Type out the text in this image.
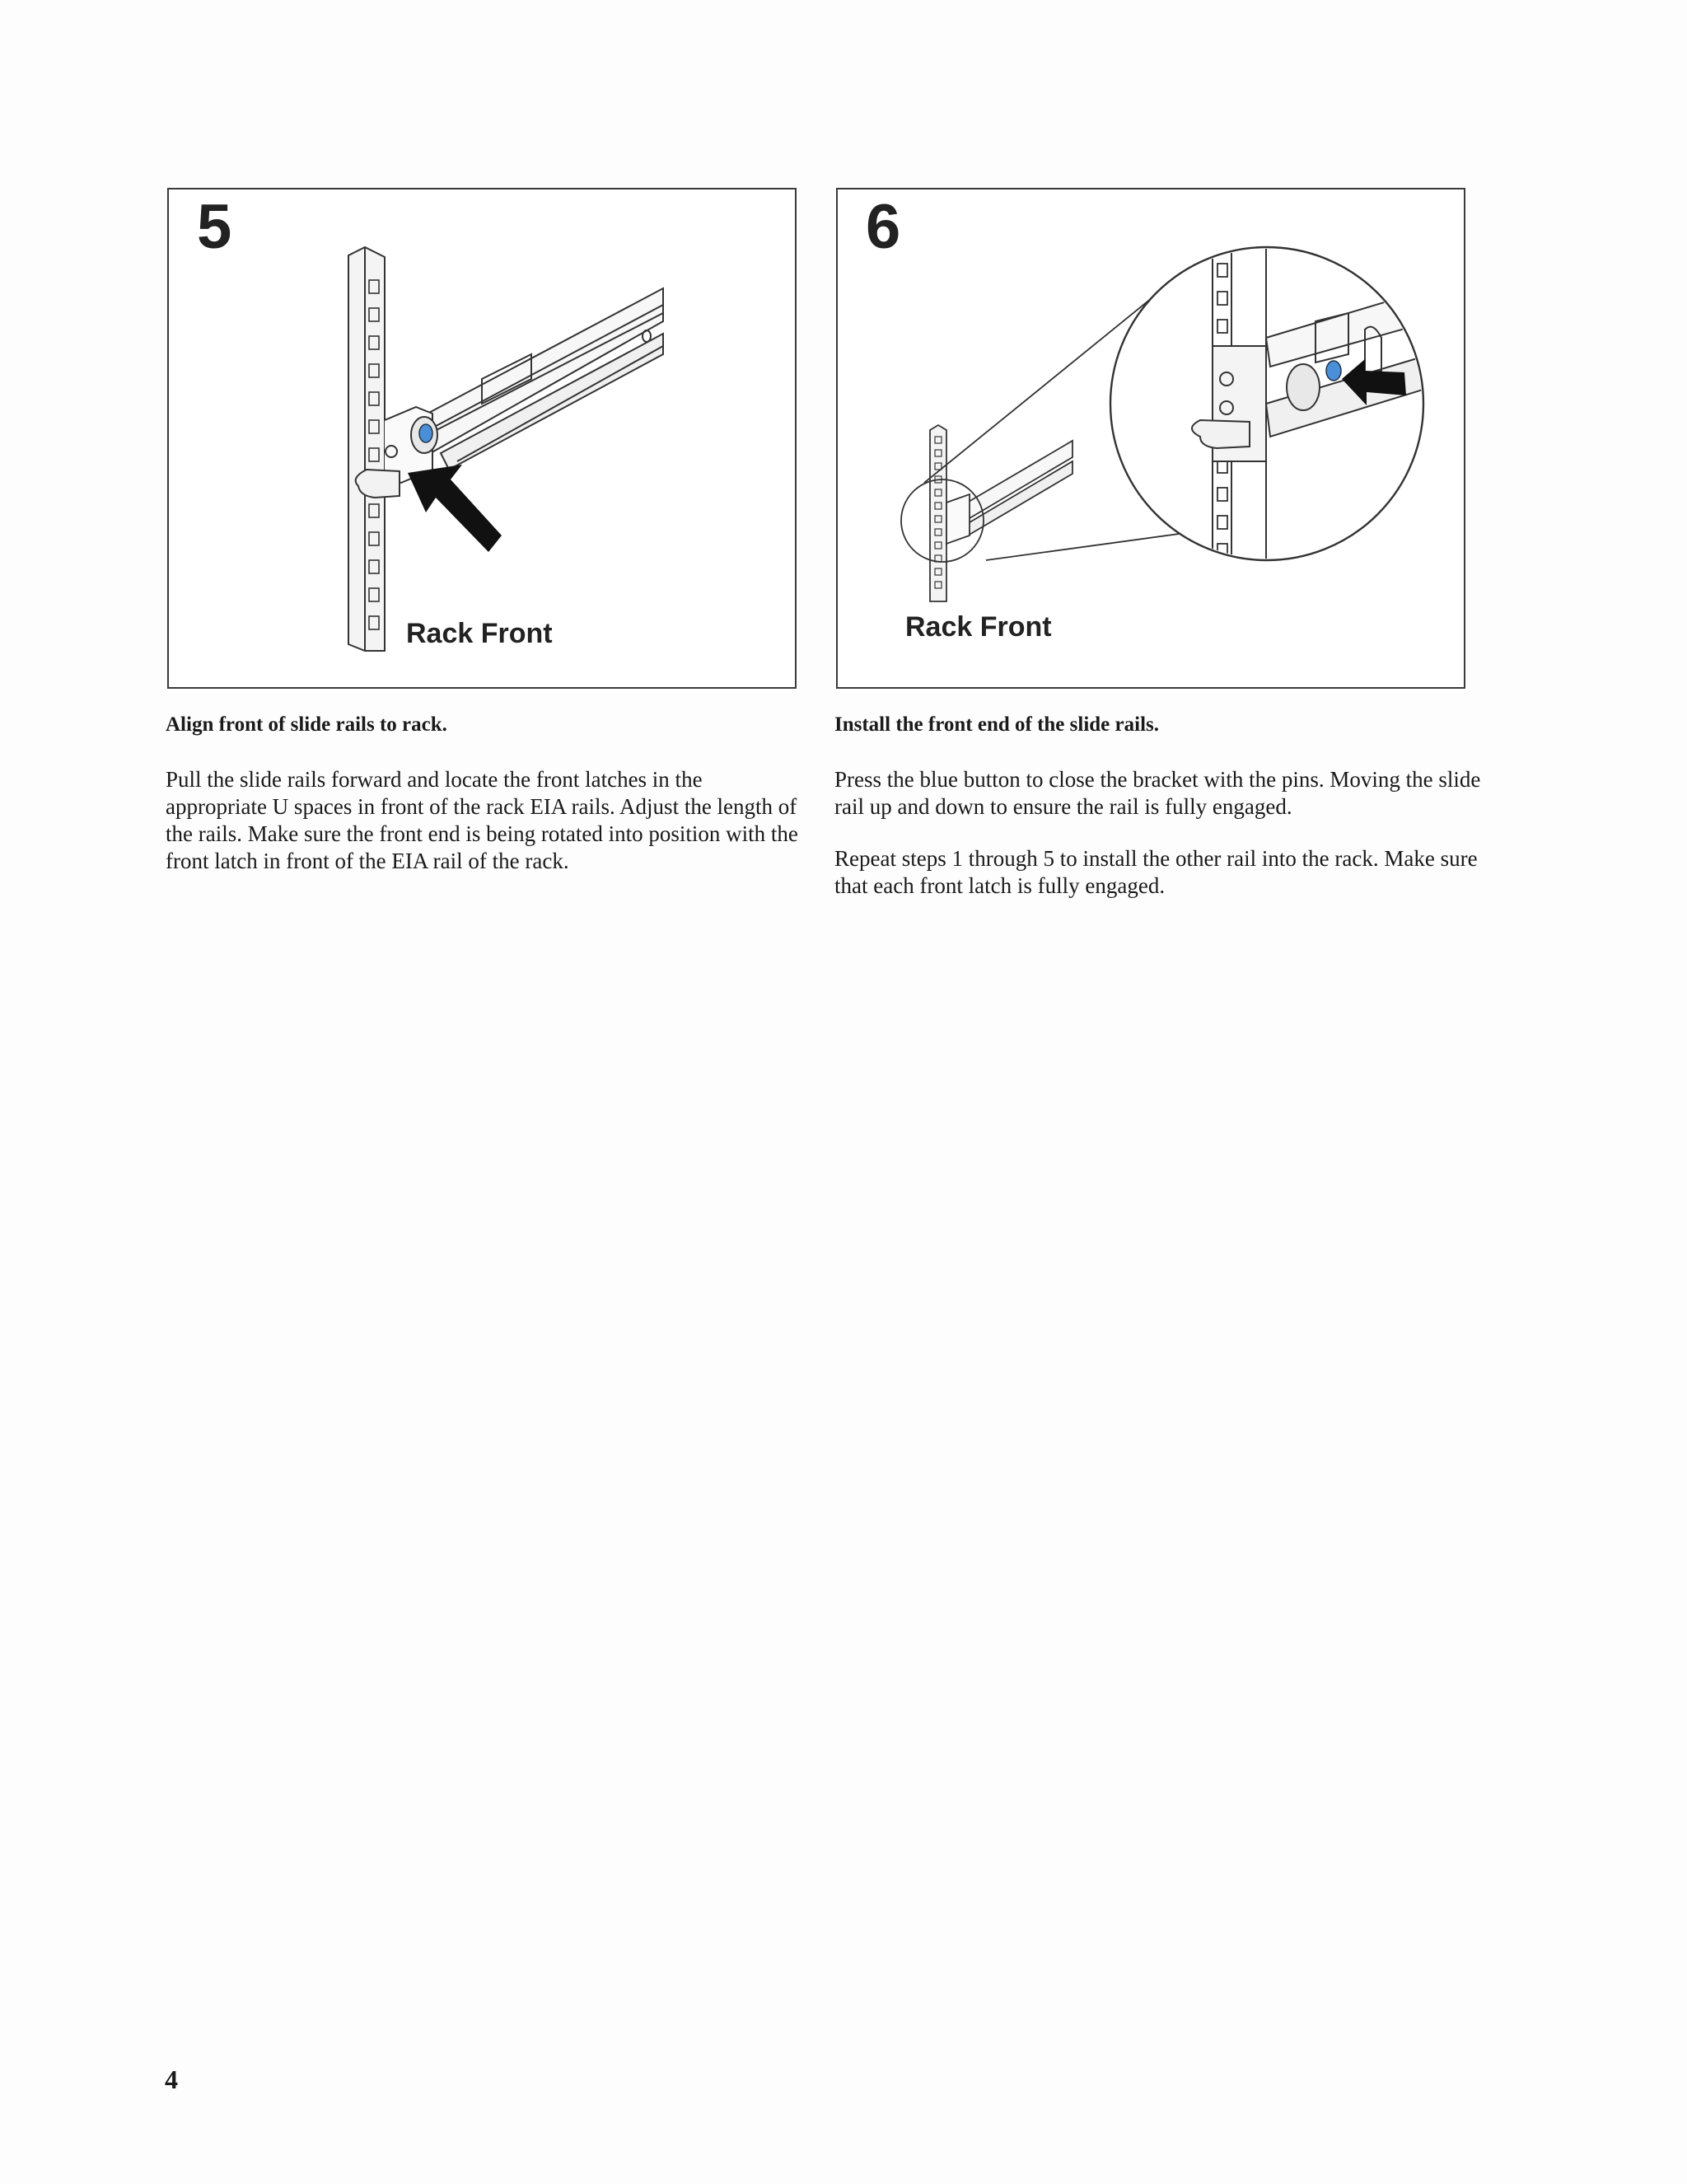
5
Rack Front
6
Rack Front
Align front of slide rails to rack.	Install the front end of the slide rails.

Pull the slide rails forward and locate the front latches in the appropriate U spaces in front of the rack EIA rails. Adjust the length of the rails. Make sure the front end is being rotated into position with the front latch in front of the EIA rail of the rack.

Press the blue button to close the bracket with the pins. Moving the slide rail up and down to ensure the rail is fully engaged.

Repeat steps 1 through 5 to install the other rail into the rack. Make sure that each front latch is fully engaged.

4
